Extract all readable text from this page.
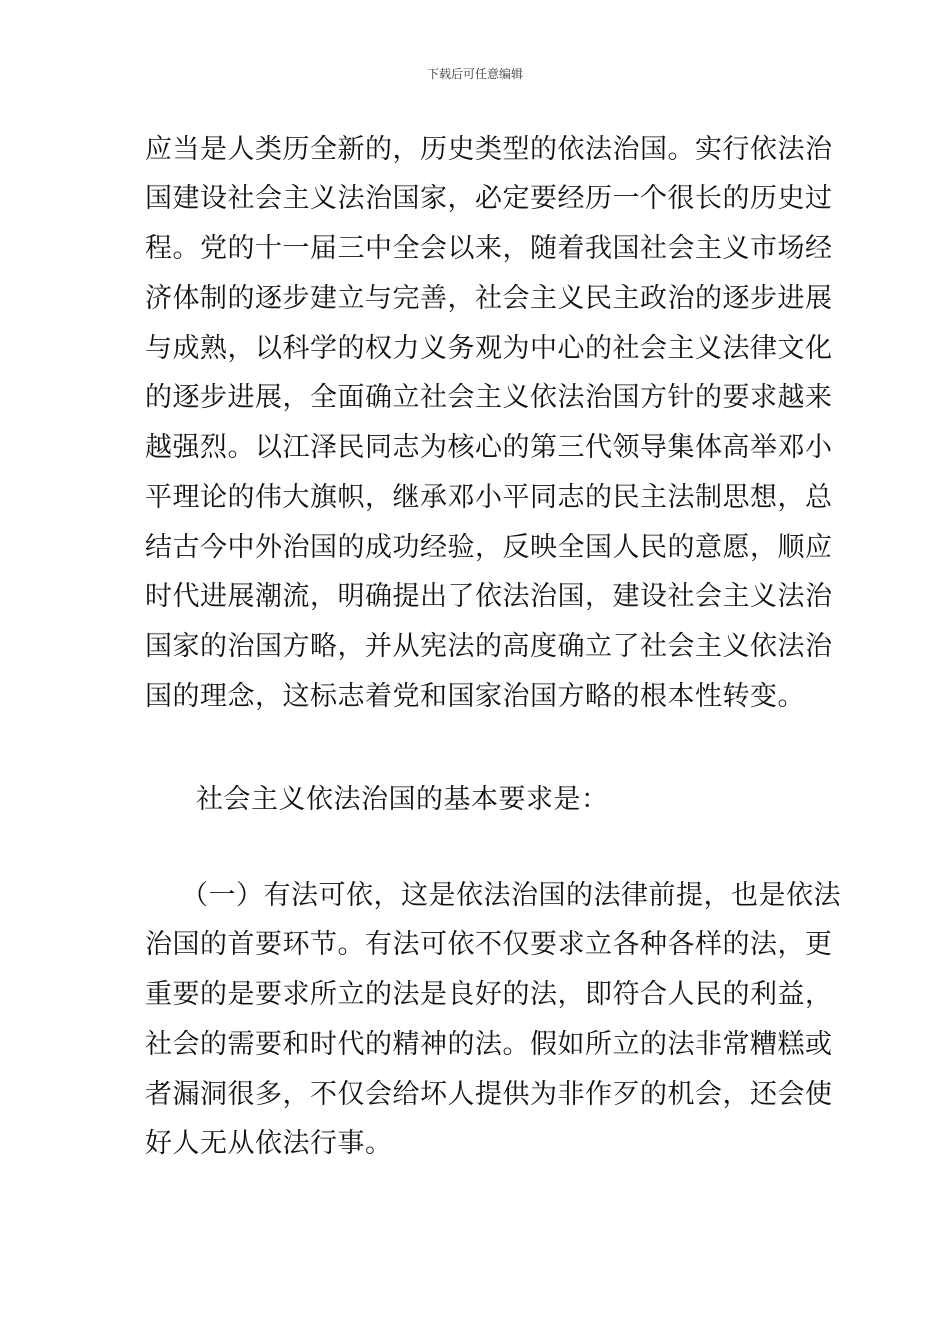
下载后可任意编辑
应当是人类历全新的，历史类型的依法治国。实行依法治
国建设社会主义法治国家，必定要经历一个很长的历史过
程。党的十一届三中全会以来，随着我国社会主义市场经
济体制的逐步建立与完善，社会主义民主政治的逐步进展
与成熟，以科学的权力义务观为中心的社会主义法律文化
的逐步进展，全面确立社会主义依法治国方针的要求越来
越强烈。以江泽民同志为核心的第三代领导集体高举邓小
平理论的伟大旗帜，继承邓小平同志的民主法制思想，总
结古今中外治国的成功经验，反映全国人民的意愿，顺应
时代进展潮流，明确提出了依法治国，建设社会主义法治
国家的治国方略，并从宪法的高度确立了社会主义依法治
国的理念，这标志着党和国家治国方略的根本性转变。
社会主义依法治国的基本要求是：
（一）有法可依，这是依法治国的法律前提，也是依法
治国的首要环节。有法可依不仅要求立各种各样的法，更
重要的是要求所立的法是良好的法，即符合人民的利益，
社会的需要和时代的精神的法。假如所立的法非常糟糕或
者漏洞很多，不仅会给坏人提供为非作歹的机会，还会使
好人无从依法行事。
